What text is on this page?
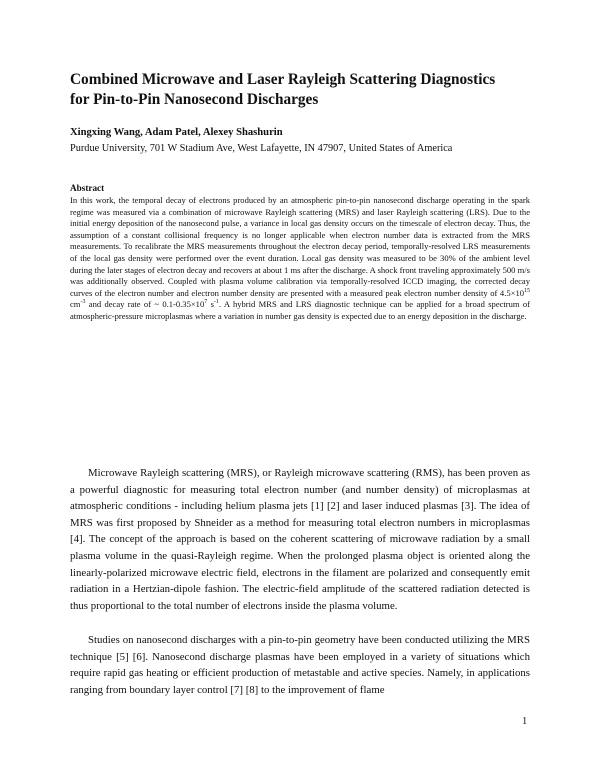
Combined Microwave and Laser Rayleigh Scattering Diagnostics
for Pin-to-Pin Nanosecond Discharges

Xingxing Wang, Adam Patel, Alexey Shashurin

Purdue University, 701 W Stadium Ave, West Lafayette, IN 47907, United States of America

Abstract

In this work, the temporal decay of electrons produced by an atmospheric pin-to-pin nanosecond discharge operating in the spark regime was measured via a combination of microwave Rayleigh scattering (MRS) and laser Rayleigh scattering (LRS). Due to the initial energy deposition of the nanosecond pulse, a variance in local gas density occurs on the timescale of electron decay. Thus, the assumption of a constant collisional frequency is no longer applicable when electron number data is extracted from the MRS measurements. To recalibrate the MRS measurements throughout the electron decay period, temporally-resolved LRS measurements of the local gas density were performed over the event duration. Local gas density was measured to be 30% of the ambient level during the later stages of electron decay and recovers at about 1 ms after the discharge. A shock front traveling approximately 500 m/s was additionally observed. Coupled with plasma volume calibration via temporally-resolved ICCD imaging, the corrected decay curves of the electron number and electron number density are presented with a measured peak electron number density of $4.5\times 10^{15}$ $cm^{-3}$ and decay rate of ~ $0.1-0.35\times 10^7$ $s^{-1}$. A hybrid MRS and LRS diagnostic technique can be applied for a broad spectrum of atmospheric-pressure microplasmas where a variation in number gas density is expected due to an energy deposition in the discharge.

Microwave Rayleigh scattering (MRS), or Rayleigh microwave scattering (RMS), has been proven as a powerful diagnostic for measuring total electron number (and number density) of microplasmas at atmospheric conditions - including helium plasma jets [1] [2] and laser induced plasmas [3]. The idea of MRS was first proposed by Shneider as a method for measuring total electron numbers in microplasmas [4]. The concept of the approach is based on the coherent scattering of microwave radiation by a small plasma volume in the quasi-Rayleigh regime. When the prolonged plasma object is oriented along the linearly-polarized microwave electric field, electrons in the filament are polarized and consequently emit radiation in a Hertzian-dipole fashion. The electric-field amplitude of the scattered radiation detected is thus proportional to the total number of electrons inside the plasma volume.

Studies on nanosecond discharges with a pin-to-pin geometry have been conducted utilizing the MRS technique [5] [6]. Nanosecond discharge plasmas have been employed in a variety of situations which require rapid gas heating or efficient production of metastable and active species. Namely, in applications ranging from boundary layer control [7] [8] to the improvement of flame

1
